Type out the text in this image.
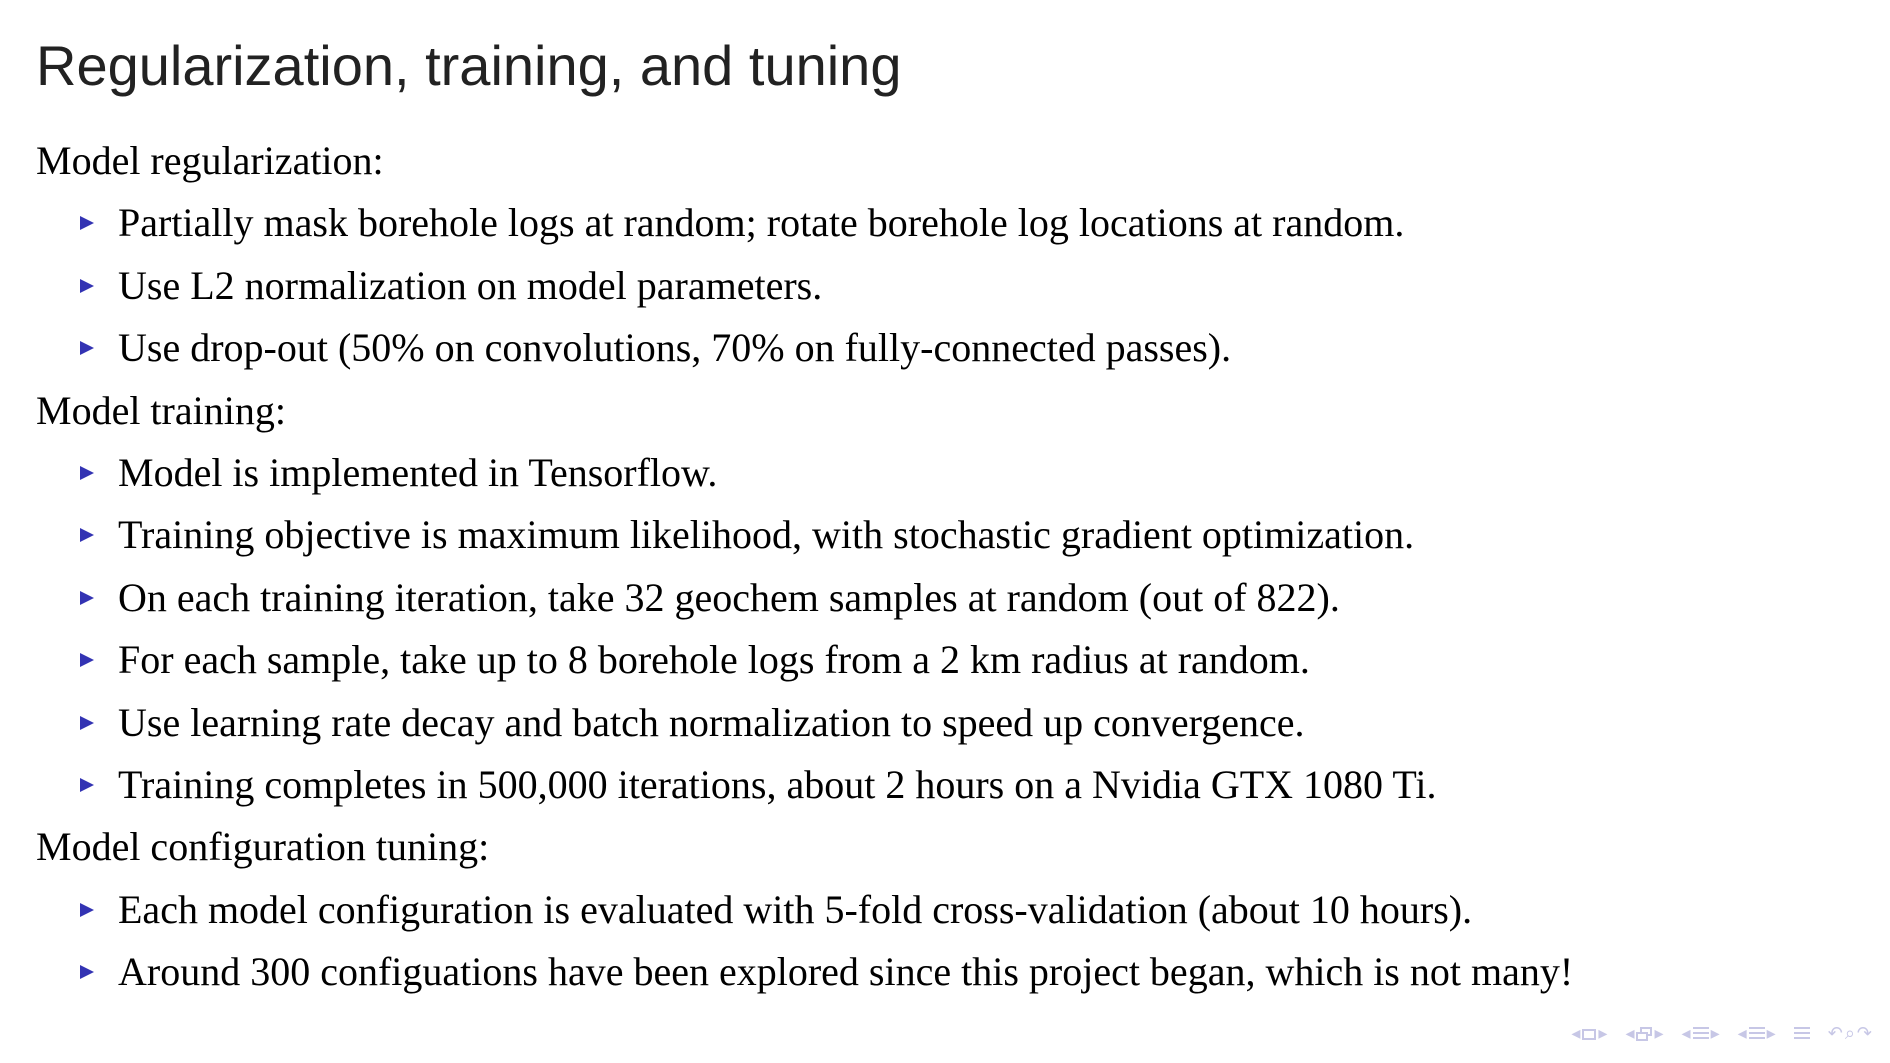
Regularization, training, and tuning

Model regularization:

Partially mask borehole logs at random; rotate borehole log locations at random.
Use L2 normalization on model parameters.
Use drop-out (50% on convolutions, 70% on fully-connected passes).

Model training:

Model is implemented in Tensorflow.
Training objective is maximum likelihood, with stochastic gradient optimization.
On each training iteration, take 32 geochem samples at random (out of 822).
For each sample, take up to 8 borehole logs from a 2 km radius at random.
Use learning rate decay and batch normalization to speed up convergence.
Training completes in 500,000 iterations, about 2 hours on a Nvidia GTX 1080 Ti.

Model configuration tuning:

Each model configuration is evaluated with 5-fold cross-validation (about 10 hours).
Around 300 configuations have been explored since this project began, which is not many!
◂ ▸ ◂ ▸ ◂ ▸ ◂ ▸	↶ ⌕ ↷
